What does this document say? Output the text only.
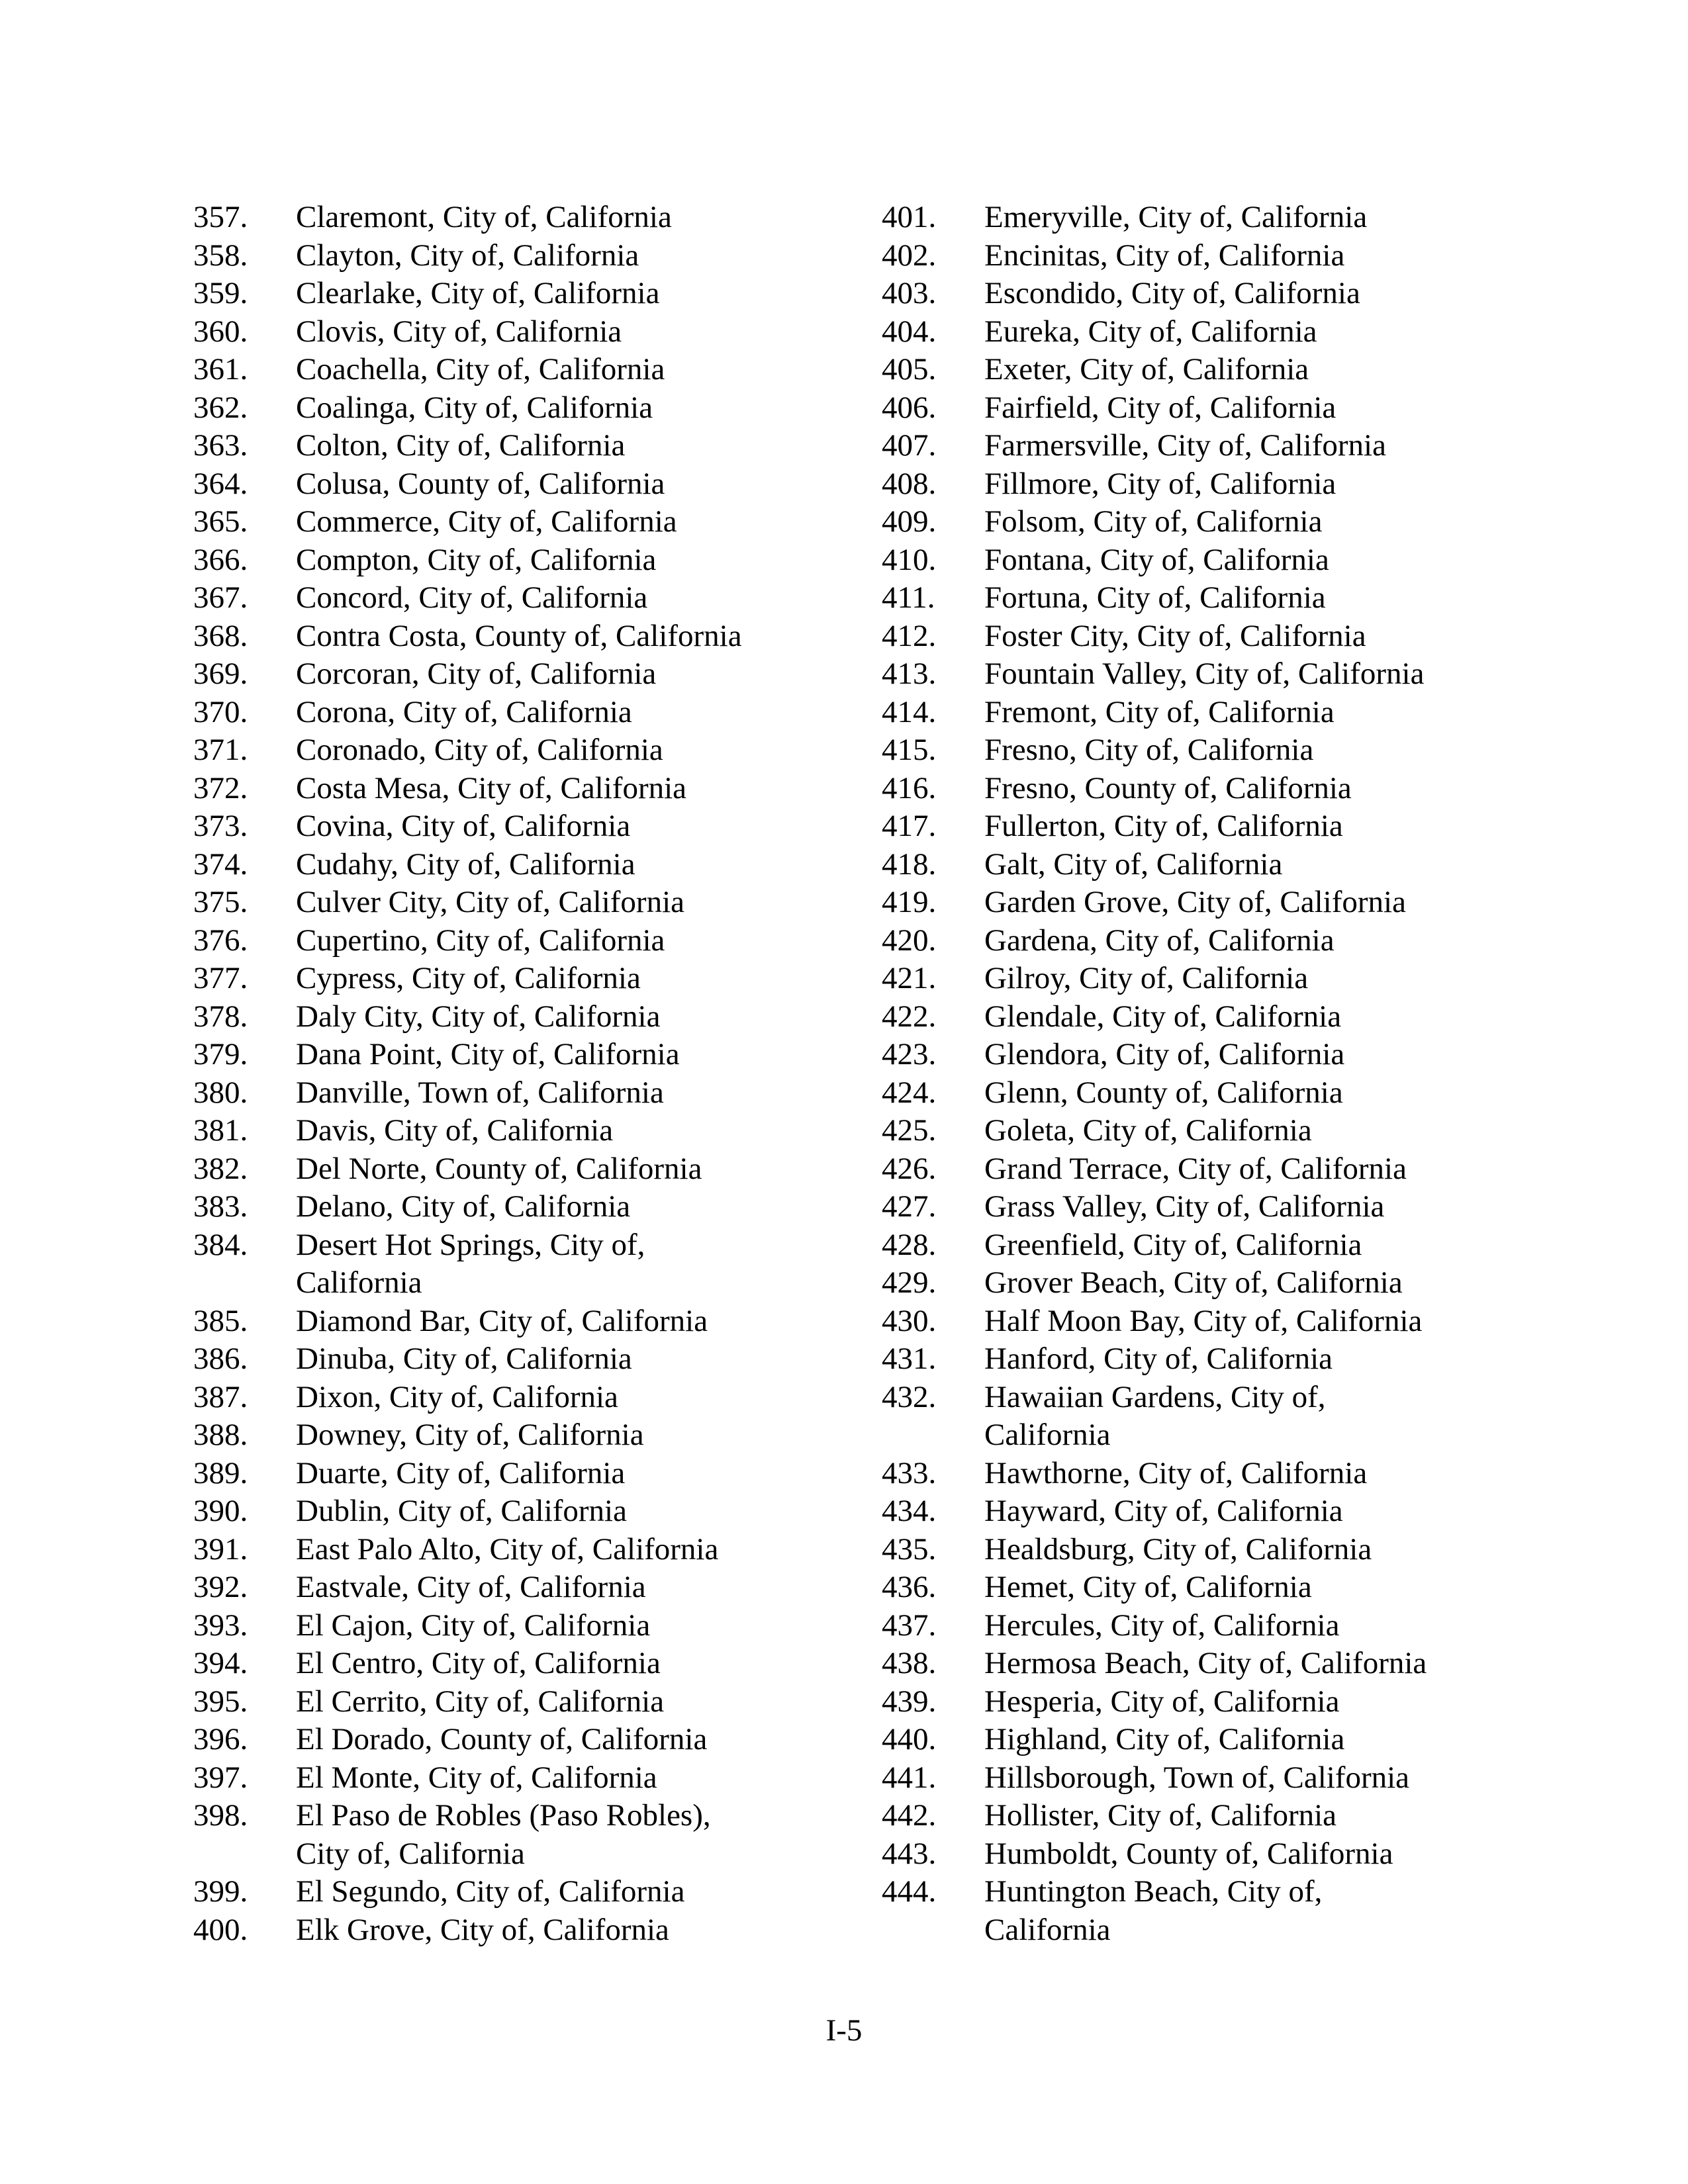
357.	Claremont, City of, California
358.	Clayton, City of, California
359.	Clearlake, City of, California
360.	Clovis, City of, California
361.	Coachella, City of, California
362.	Coalinga, City of, California
363.	Colton, City of, California
364.	Colusa, County of, California
365.	Commerce, City of, California
366.	Compton, City of, California
367.	Concord, City of, California
368.	Contra Costa, County of, California
369.	Corcoran, City of, California
370.	Corona, City of, California
371.	Coronado, City of, California
372.	Costa Mesa, City of, California
373.	Covina, City of, California
374.	Cudahy, City of, California
375.	Culver City, City of, California
376.	Cupertino, City of, California
377.	Cypress, City of, California
378.	Daly City, City of, California
379.	Dana Point, City of, California
380.	Danville, Town of, California
381.	Davis, City of, California
382.	Del Norte, County of, California
383.	Delano, City of, California
384.	Desert Hot Springs, City of,
California
385.	Diamond Bar, City of, California
386.	Dinuba, City of, California
387.	Dixon, City of, California
388.	Downey, City of, California
389.	Duarte, City of, California
390.	Dublin, City of, California
391.	East Palo Alto, City of, California
392.	Eastvale, City of, California
393.	El Cajon, City of, California
394.	El Centro, City of, California
395.	El Cerrito, City of, California
396.	El Dorado, County of, California
397.	El Monte, City of, California
398.	El Paso de Robles (Paso Robles),
City of, California
399.	El Segundo, City of, California
400.	Elk Grove, City of, California
401.	Emeryville, City of, California
402.	Encinitas, City of, California
403.	Escondido, City of, California
404.	Eureka, City of, California
405.	Exeter, City of, California
406.	Fairfield, City of, California
407.	Farmersville, City of, California
408.	Fillmore, City of, California
409.	Folsom, City of, California
410.	Fontana, City of, California
411.	Fortuna, City of, California
412.	Foster City, City of, California
413.	Fountain Valley, City of, California
414.	Fremont, City of, California
415.	Fresno, City of, California
416.	Fresno, County of, California
417.	Fullerton, City of, California
418.	Galt, City of, California
419.	Garden Grove, City of, California
420.	Gardena, City of, California
421.	Gilroy, City of, California
422.	Glendale, City of, California
423.	Glendora, City of, California
424.	Glenn, County of, California
425.	Goleta, City of, California
426.	Grand Terrace, City of, California
427.	Grass Valley, City of, California
428.	Greenfield, City of, California
429.	Grover Beach, City of, California
430.	Half Moon Bay, City of, California
431.	Hanford, City of, California
432.	Hawaiian Gardens, City of,
California
433.	Hawthorne, City of, California
434.	Hayward, City of, California
435.	Healdsburg, City of, California
436.	Hemet, City of, California
437.	Hercules, City of, California
438.	Hermosa Beach, City of, California
439.	Hesperia, City of, California
440.	Highland, City of, California
441.	Hillsborough, Town of, California
442.	Hollister, City of, California
443.	Humboldt, County of, California
444.	Huntington Beach, City of,
California
I-5
